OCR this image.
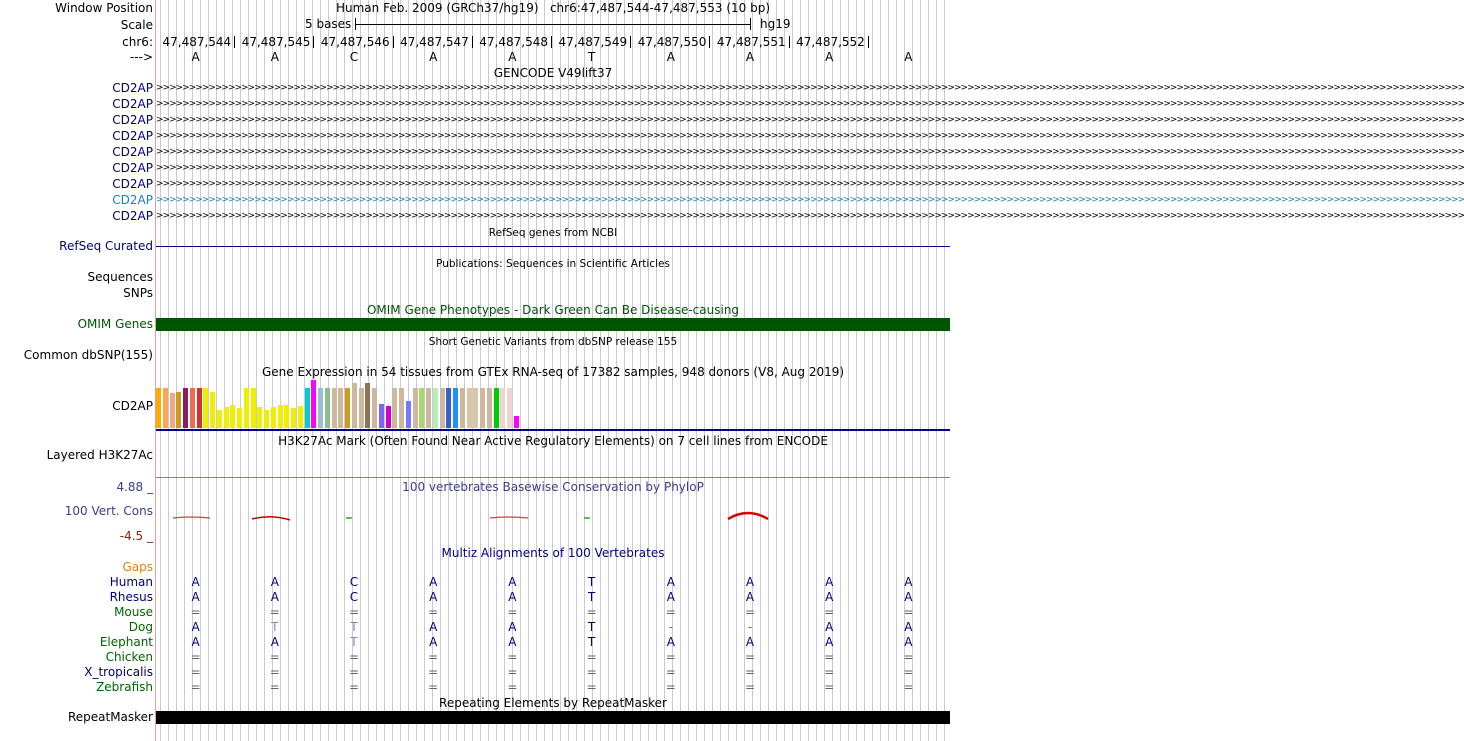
Window Position	Human Feb. 2009 (GRCh37/hg19)   chr6:47,487,544-47,487,553 (10 bp)
Scale	5 bases	hg19
chr6: 47,487,544 47,487,545 47,487,546 47,487,547 47,487,548 47,487,549 47,487,550 47,487,551 47,487,552
--->	A	A	C	A	A	T	A	A	A	A
GENCODE V49lift37
CD2AP >>>>>>>>>>>>>>>>>>>>>>>>>>>>>>>>>>>>>>>>>>>>>>>>>>>>>>>>>>>>>>>>>>>>>>>>>>>>>>>>>>>>>>>>>>>>>>>>>>>>>>>>>>>>>>>>>>>>>>>>>>>>>>>>>>>>>>>>>>>>>>>>>>>>>>>>>>>>>>>>>>>>>>>>>>>>>>>>>>>>>>>>>>>>>>>>>>>>>>>>
CD2AP >>>>>>>>>>>>>>>>>>>>>>>>>>>>>>>>>>>>>>>>>>>>>>>>>>>>>>>>>>>>>>>>>>>>>>>>>>>>>>>>>>>>>>>>>>>>>>>>>>>>>>>>>>>>>>>>>>>>>>>>>>>>>>>>>>>>>>>>>>>>>>>>>>>>>>>>>>>>>>>>>>>>>>>>>>>>>>>>>>>>>>>>>>>>>>>>>>>>>>>>
CD2AP >>>>>>>>>>>>>>>>>>>>>>>>>>>>>>>>>>>>>>>>>>>>>>>>>>>>>>>>>>>>>>>>>>>>>>>>>>>>>>>>>>>>>>>>>>>>>>>>>>>>>>>>>>>>>>>>>>>>>>>>>>>>>>>>>>>>>>>>>>>>>>>>>>>>>>>>>>>>>>>>>>>>>>>>>>>>>>>>>>>>>>>>>>>>>>>>>>>>>>>>
CD2AP >>>>>>>>>>>>>>>>>>>>>>>>>>>>>>>>>>>>>>>>>>>>>>>>>>>>>>>>>>>>>>>>>>>>>>>>>>>>>>>>>>>>>>>>>>>>>>>>>>>>>>>>>>>>>>>>>>>>>>>>>>>>>>>>>>>>>>>>>>>>>>>>>>>>>>>>>>>>>>>>>>>>>>>>>>>>>>>>>>>>>>>>>>>>>>>>>>>>>>>>
CD2AP >>>>>>>>>>>>>>>>>>>>>>>>>>>>>>>>>>>>>>>>>>>>>>>>>>>>>>>>>>>>>>>>>>>>>>>>>>>>>>>>>>>>>>>>>>>>>>>>>>>>>>>>>>>>>>>>>>>>>>>>>>>>>>>>>>>>>>>>>>>>>>>>>>>>>>>>>>>>>>>>>>>>>>>>>>>>>>>>>>>>>>>>>>>>>>>>>>>>>>>>
CD2AP >>>>>>>>>>>>>>>>>>>>>>>>>>>>>>>>>>>>>>>>>>>>>>>>>>>>>>>>>>>>>>>>>>>>>>>>>>>>>>>>>>>>>>>>>>>>>>>>>>>>>>>>>>>>>>>>>>>>>>>>>>>>>>>>>>>>>>>>>>>>>>>>>>>>>>>>>>>>>>>>>>>>>>>>>>>>>>>>>>>>>>>>>>>>>>>>>>>>>>>>
CD2AP >>>>>>>>>>>>>>>>>>>>>>>>>>>>>>>>>>>>>>>>>>>>>>>>>>>>>>>>>>>>>>>>>>>>>>>>>>>>>>>>>>>>>>>>>>>>>>>>>>>>>>>>>>>>>>>>>>>>>>>>>>>>>>>>>>>>>>>>>>>>>>>>>>>>>>>>>>>>>>>>>>>>>>>>>>>>>>>>>>>>>>>>>>>>>>>>>>>>>>>>
CD2AP >>>>>>>>>>>>>>>>>>>>>>>>>>>>>>>>>>>>>>>>>>>>>>>>>>>>>>>>>>>>>>>>>>>>>>>>>>>>>>>>>>>>>>>>>>>>>>>>>>>>>>>>>>>>>>>>>>>>>>>>>>>>>>>>>>>>>>>>>>>>>>>>>>>>>>>>>>>>>>>>>>>>>>>>>>>>>>>>>>>>>>>>>>>>>>>>>>>>>>>>
CD2AP >>>>>>>>>>>>>>>>>>>>>>>>>>>>>>>>>>>>>>>>>>>>>>>>>>>>>>>>>>>>>>>>>>>>>>>>>>>>>>>>>>>>>>>>>>>>>>>>>>>>>>>>>>>>>>>>>>>>>>>>>>>>>>>>>>>>>>>>>>>>>>>>>>>>>>>>>>>>>>>>>>>>>>>>>>>>>>>>>>>>>>>>>>>>>>>>>>>>>>>>
RefSeq genes from NCBI
RefSeq Curated
Publications: Sequences in Scientific Articles
Sequences
SNPs
OMIM Gene Phenotypes - Dark Green Can Be Disease-causing
OMIM Genes
Short Genetic Variants from dbSNP release 155
Common dbSNP(155)
Gene Expression in 54 tissues from GTEx RNA-seq of 17382 samples, 948 donors (V8, Aug 2019)
CD2AP
H3K27Ac Mark (Often Found Near Active Regulatory Elements) on 7 cell lines from ENCODE
Layered H3K27Ac
100 vertebrates Basewise Conservation by PhyloP
4.88 _
100 Vert. Cons
-4.5 _
Multiz Alignments of 100 Vertebrates
Gaps
Human	A	A	C	A	A	T	A	A	A	A
Rhesus	A	A	C	A	A	T	A	A	A	A
Mouse	=	=	=	=	=	=	=	=	=	=
Dog	A	T	T	A	A	T	-	-	A	A
Elephant	A	A	T	A	A	T	A	A	A	A
Chicken	=	=	=	=	=	=	=	=	=	=
X_tropicalis	=	=	=	=	=	=	=	=	=	=
Zebrafish	=	=	=	=	=	=	=	=	=	=
Repeating Elements by RepeatMasker
RepeatMasker
